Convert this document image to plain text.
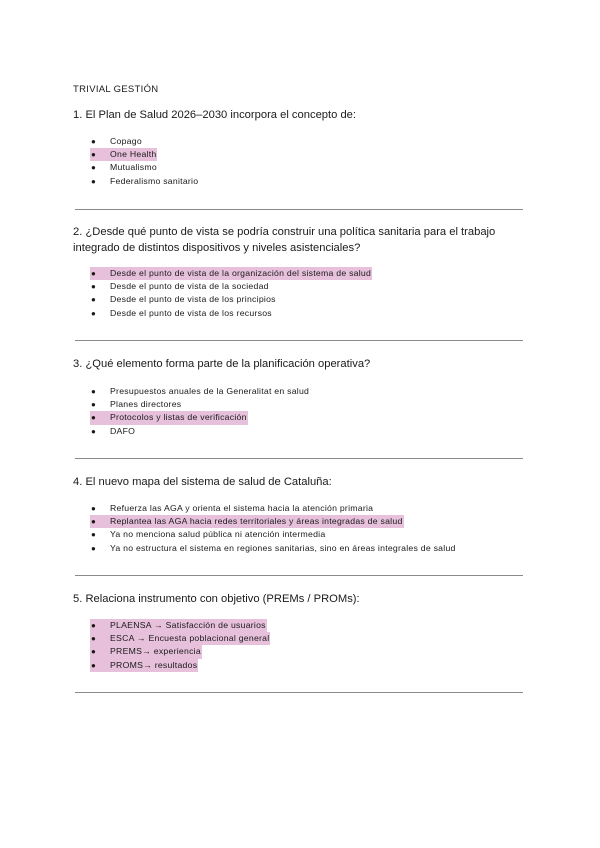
TRIVIAL GESTIÓN
1. El Plan de Salud 2026–2030 incorpora el concepto de:
● Copago
●	One Health
● Mutualismo
● Federalismo sanitario
2. ¿Desde qué punto de vista se podría construir una política sanitaria para el trabajo integrado de distintos dispositivos y niveles asistenciales?
●	Desde el punto de vista de la organización del sistema de salud
● Desde el punto de vista de la sociedad
● Desde el punto de vista de los principios
● Desde el punto de vista de los recursos
3. ¿Qué elemento forma parte de la planificación operativa?
● Presupuestos anuales de la Generalitat en salud
● Planes directores
●	Protocolos y listas de verificación
● DAFO
4. El nuevo mapa del sistema de salud de Cataluña:
● Refuerza las AGA y orienta el sistema hacia la atención primaria
●	Replantea las AGA hacia redes territoriales y áreas integradas de salud
● Ya no menciona salud pública ni atención intermedia
● Ya no estructura el sistema en regiones sanitarias, sino en áreas integrales de salud
5. Relaciona instrumento con objetivo (PREMs / PROMs):
●	PLAENSA → Satisfacción de usuarios
●	ESCA → Encuesta poblacional general
●	PREMS→ experiencia
●	PROMS→ resultados
